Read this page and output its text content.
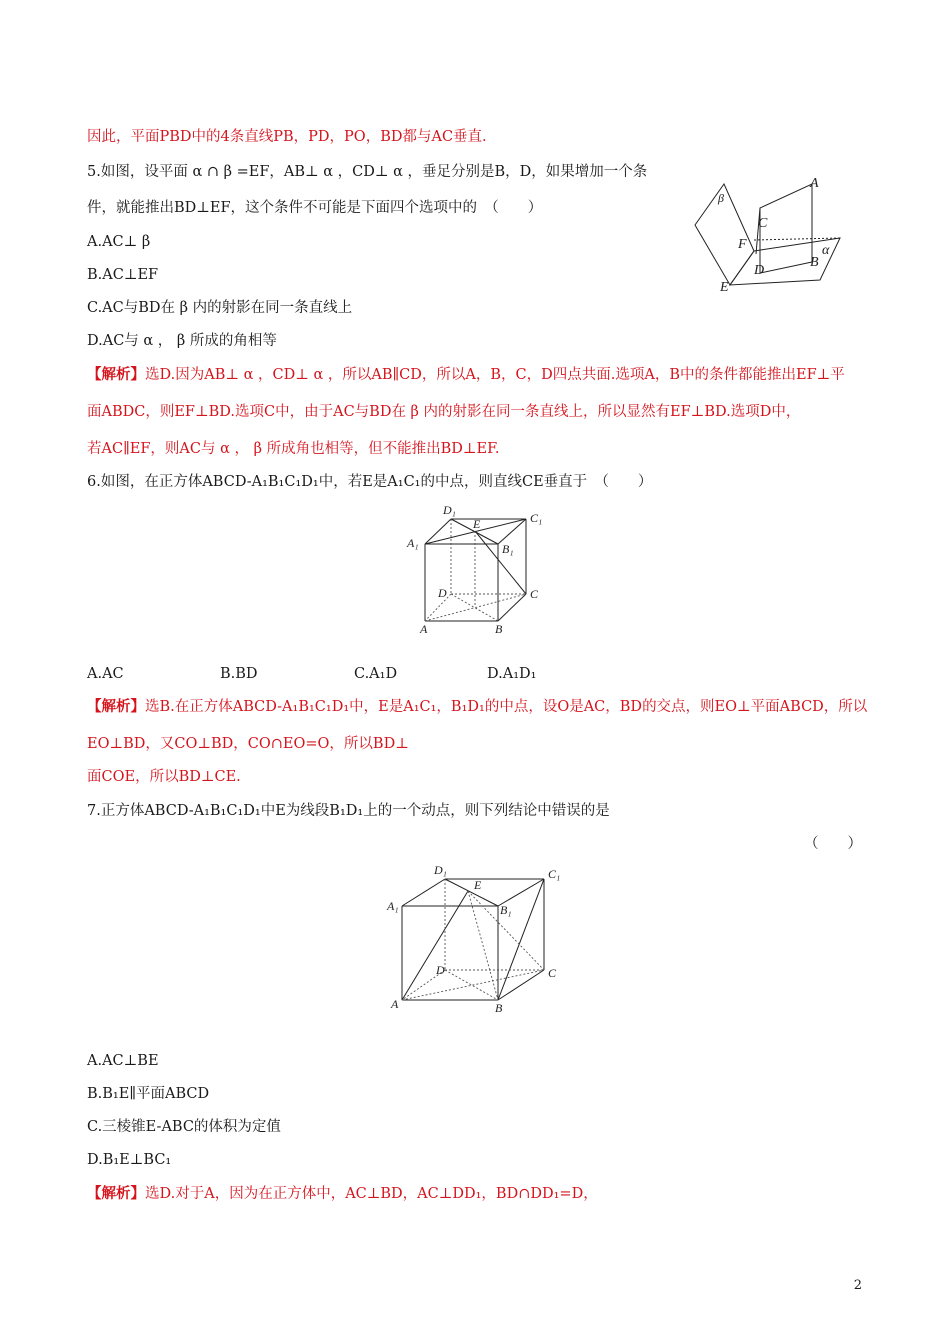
因此，平面PBD中的4条直线PB，PD，PO，BD都与AC垂直.
5.如图，设平面 α ∩ β =EF，AB⊥ α ，CD⊥ α ，垂足分别是B，D，如果增加一个条
件，就能推出BD⊥EF，这个条件不可能是下面四个选项中的　（　　）
A.AC⊥ β
B.AC⊥EF
C.AC与BD在 β 内的射影在同一条直线上
D.AC与 α ， β 所成的角相等
【解析】选D.因为AB⊥ α ，CD⊥ α ，所以AB∥CD，所以A，B，C，D四点共面.选项A，B中的条件都能推出EF⊥平
面ABDC，则EF⊥BD.选项C中，由于AC与BD在 β 内的射影在同一条直线上，所以显然有EF⊥BD.选项D中，
若AC∥EF，则AC与 α ， β 所成角也相等，但不能推出BD⊥EF.
β
A
C
F	α
D
B
E
6.如图，在正方体ABCD-A₁B₁C₁D₁中，若E是A₁C₁的中点，则直线CE垂直于　（　　）
D₁
E	C₁
A₁	B₁
D	C
A	B
A.AC	B.BD	C.A₁D	D.A₁D₁
【解析】选B.在正方体ABCD-A₁B₁C₁D₁中，E是A₁C₁，B₁D₁的中点，设O是AC，BD的交点，则EO⊥平面ABCD，所以
EO⊥BD，又CO⊥BD，CO∩EO=O，所以BD⊥
面COE，所以BD⊥CE.
7.正方体ABCD-A₁B₁C₁D₁中E为线段B₁D₁上的一个动点，则下列结论中错误的是
（　　）
D₁
E
C₁
A₁	B₁
D	C
A	B
A.AC⊥BE
B.B₁E∥平面ABCD
C.三棱锥E-ABC的体积为定值
D.B₁E⊥BC₁
【解析】选D.对于A，因为在正方体中，AC⊥BD，AC⊥DD₁，BD∩DD₁=D，
2
